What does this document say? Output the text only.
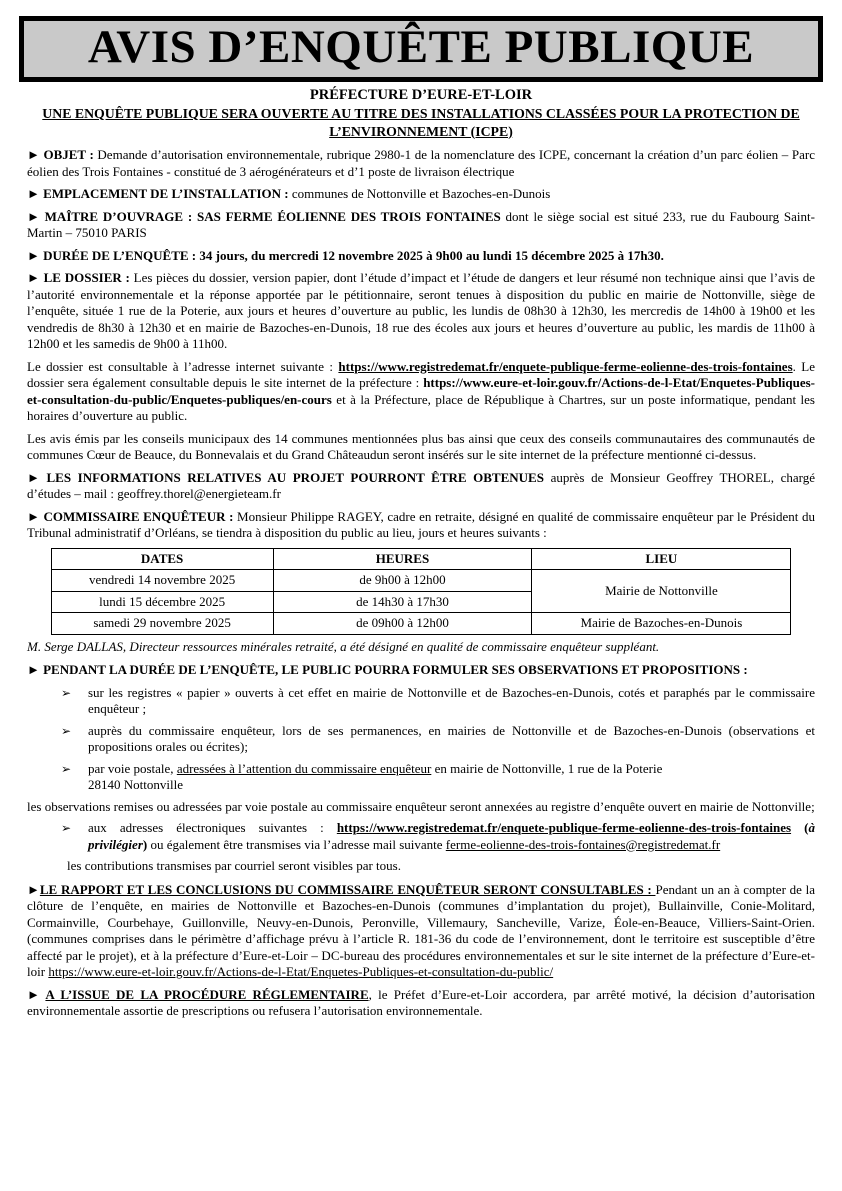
AVIS D’ENQUÊTE PUBLIQUE
PRÉFECTURE D’EURE-ET-LOIR
UNE ENQUÊTE PUBLIQUE SERA OUVERTE AU TITRE DES INSTALLATIONS CLASSÉES POUR LA PROTECTION DE L’ENVIRONNEMENT (ICPE)

► OBJET : Demande d’autorisation environnementale, rubrique 2980-1 de la nomenclature des ICPE, concernant la création d’un parc éolien – Parc éolien des Trois Fontaines - constitué de 3 aérogénérateurs et d’1 poste de livraison électrique

► EMPLACEMENT DE L’INSTALLATION : communes de Nottonville et Bazoches-en-Dunois

► MAÎTRE D’OUVRAGE : SAS FERME ÉOLIENNE DES TROIS FONTAINES dont le siège social est situé 233, rue du Faubourg Saint-Martin – 75010 PARIS

► DURÉE DE L’ENQUÊTE : 34 jours, du mercredi 12 novembre 2025 à 9h00 au lundi 15 décembre 2025 à 17h30.

► LE DOSSIER : Les pièces du dossier, version papier, dont l’étude d’impact et l’étude de dangers et leur résumé non technique ainsi que l’avis de l’autorité environnementale et la réponse apportée par le pétitionnaire, seront tenues à disposition du public en mairie de Nottonville, siège de l’enquête, située 1 rue de la Poterie, aux jours et heures d’ouverture au public, les lundis de 08h30 à 12h30, les mercredis de 14h00 à 19h00 et les vendredis de 8h30 à 12h30 et en mairie de Bazoches-en-Dunois, 18 rue des écoles aux jours et heures d’ouverture au public, les mardis de 11h00 à 12h00 et les samedis de 9h00 à 11h00.

Le dossier est consultable à l’adresse internet suivante : https://www.registredemat.fr/enquete-publique-ferme-eolienne-des-trois-fontaines. Le dossier sera également consultable depuis le site internet de la préfecture : https://www.eure-et-loir.gouv.fr/Actions-de-l-Etat/Enquetes-Publiques-et-consultation-du-public/Enquetes-publiques/en-cours et à la Préfecture, place de République à Chartres, sur un poste informatique, pendant les horaires d’ouverture au public.

Les avis émis par les conseils municipaux des 14 communes mentionnées plus bas ainsi que ceux des conseils communautaires des communautés de communes Cœur de Beauce, du Bonnevalais et du Grand Châteaudun seront insérés sur le site internet de la préfecture mentionné ci-dessus.

► LES INFORMATIONS RELATIVES AU PROJET POURRONT ÊTRE OBTENUES auprès de Monsieur Geoffrey THOREL, chargé d’études – mail : geoffrey.thorel@energieteam.fr

► COMMISSAIRE ENQUÊTEUR : Monsieur Philippe RAGEY, cadre en retraite, désigné en qualité de commissaire enquêteur par le Président du Tribunal administratif d’Orléans, se tiendra à disposition du public au lieu, jours et heures suivants :

DATES	HEURES	LIEU
vendredi 14 novembre 2025	de 9h00 à 12h00	Mairie de Nottonville
lundi 15 décembre 2025	de 14h30 à 17h30	
samedi 29 novembre 2025	de 09h00 à 12h00	Mairie de Bazoches-en-Dunois
M. Serge DALLAS, Directeur ressources minérales retraité, a été désigné en qualité de commissaire enquêteur suppléant.

► PENDANT LA DURÉE DE L’ENQUÊTE, LE PUBLIC POURRA FORMULER SES OBSERVATIONS ET PROPOSITIONS :

➢ sur les registres « papier » ouverts à cet effet en mairie de Nottonville et de Bazoches-en-Dunois, cotés et paraphés par le commissaire enquêteur ;
➢ auprès du commissaire enquêteur, lors de ses permanences, en mairies de Nottonville et de Bazoches-en-Dunois (observations et propositions orales ou écrites);
➢ par voie postale, adressées à l’attention du commissaire enquêteur en mairie de Nottonville, 1 rue de la Poterie
28140 Nottonville

les observations remises ou adressées par voie postale au commissaire enquêteur seront annexées au registre d’enquête ouvert en mairie de Nottonville;

➢ aux adresses électroniques suivantes : https://www.registredemat.fr/enquete-publique-ferme-eolienne-des-trois-fontaines (à privilégier) ou également être transmises via l’adresse mail suivante ferme-eolienne-des-trois-fontaines@registredemat.fr
les contributions transmises par courriel seront visibles par tous.

►LE RAPPORT ET LES CONCLUSIONS DU COMMISSAIRE ENQUÊTEUR SERONT CONSULTABLES : Pendant un an à compter de la clôture de l’enquête, en mairies de Nottonville et Bazoches-en-Dunois (communes d’implantation du projet), Bullainville, Conie-Molitard, Cormainville, Courbehaye, Guillonville, Neuvy-en-Dunois, Peronville, Villemaury, Sancheville, Varize, Éole-en-Beauce, Villiers-Saint-Orien. (communes comprises dans le périmètre d’affichage prévu à l’article R. 181-36 du code de l’environnement, dont le territoire est susceptible d’être affecté par le projet), et à la préfecture d’Eure-et-Loir – DC-bureau des procédures environnementales et sur le site internet de la préfecture d’Eure-et-loir https://www.eure-et-loir.gouv.fr/Actions-de-l-Etat/Enquetes-Publiques-et-consultation-du-public/

► A L’ISSUE DE LA PROCÉDURE RÉGLEMENTAIRE, le Préfet d’Eure-et-Loir accordera, par arrêté motivé, la décision d’autorisation environnementale assortie de prescriptions ou refusera l’autorisation environnementale.
